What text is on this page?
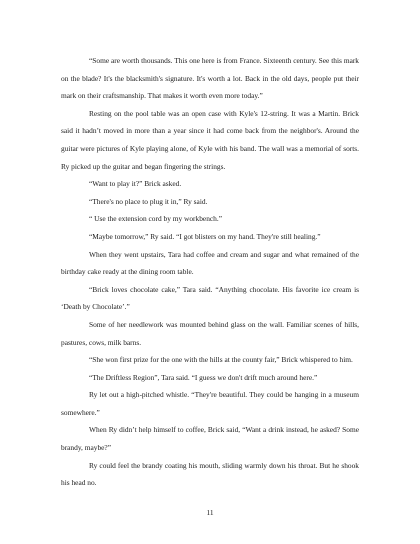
“Some are worth thousands. This one here is from France. Sixteenth century. See this mark on the blade? It's the blacksmith's signature. It's worth a lot. Back in the old days, people put their mark on their craftsmanship. That makes it worth even more today.”

Resting on the pool table was an open case with Kyle's 12-string. It was a Martin. Brick said it hadn’t moved in more than a year since it had come back from the neighbor's. Around the guitar were pictures of Kyle playing alone, of Kyle with his band. The wall was a memorial of sorts. Ry picked up the guitar and began fingering the strings.

“Want to play it?” Brick asked.

“There's no place to plug it in,” Ry said.

“ Use the extension cord by my workbench.”

“Maybe tomorrow,” Ry said. “I got blisters on my hand. They're still healing.”

When they went upstairs, Tara had coffee and cream and sugar and what remained of the birthday cake ready at the dining room table.

“Brick loves chocolate cake,” Tara said. “Anything chocolate. His favorite ice cream is ‘Death by Chocolate’.”

Some of her needlework was mounted behind glass on the wall. Familiar scenes of hills, pastures, cows, milk barns.

“She won first prize for the one with the hills at the county fair,” Brick whispered to him.

“The Driftless Region”, Tara said. “I guess we don't drift much around here.”

Ry let out a high-pitched whistle. “They're beautiful. They could be hanging in a museum somewhere.”

When Ry didn’t help himself to coffee, Brick said, “Want a drink instead, he asked? Some brandy, maybe?”

Ry could feel the brandy coating his mouth, sliding warmly down his throat. But he shook his head no.

11
